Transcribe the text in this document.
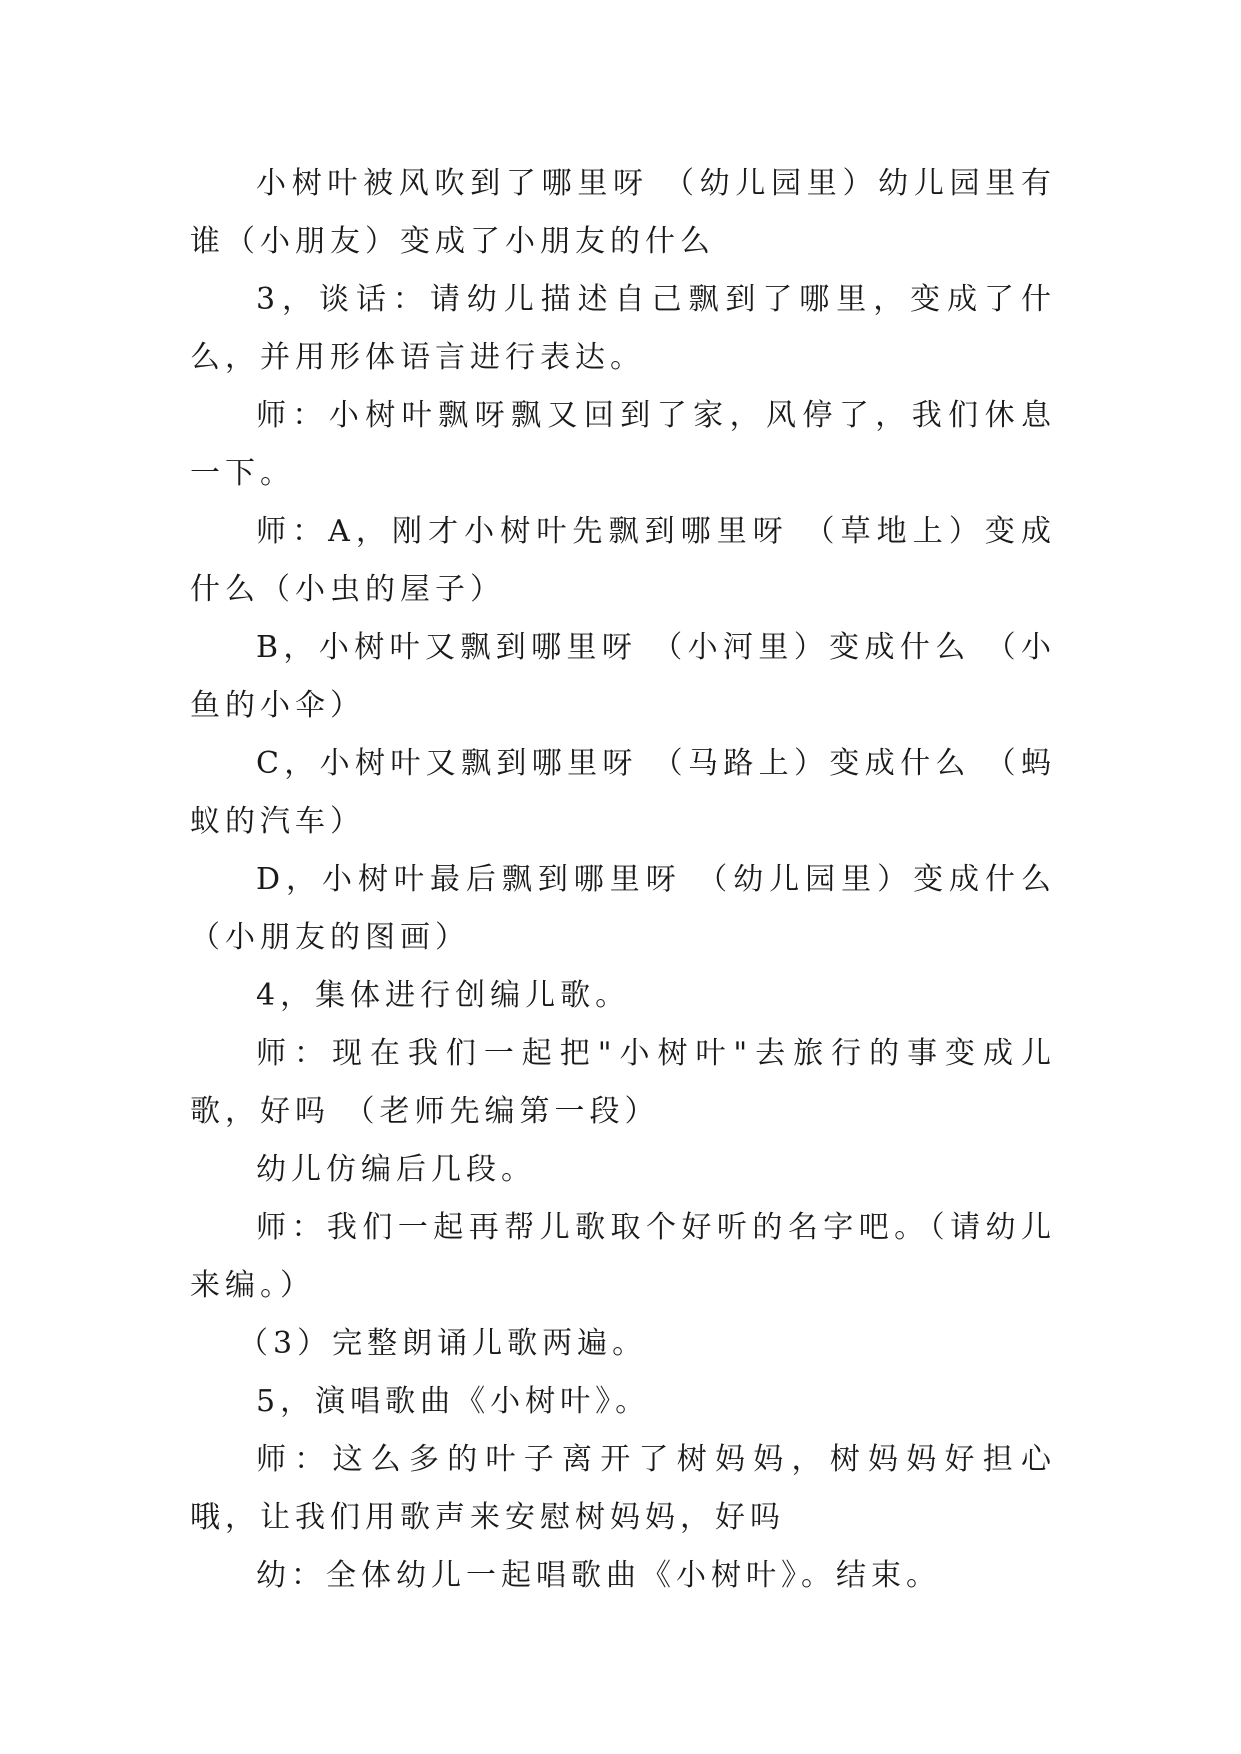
小树叶被风吹到了哪里呀 （幼儿园里）幼儿园里有谁（小朋友）变成了小朋友的什么

3，谈话：请幼儿描述自己飘到了哪里，变成了什么，并用形体语言进行表达。

师：小树叶飘呀飘又回到了家，风停了，我们休息一下。

师：A，刚才小树叶先飘到哪里呀 （草地上）变成什么（小虫的屋子）

B，小树叶又飘到哪里呀 （小河里）变成什么 （小鱼的小伞）

C，小树叶又飘到哪里呀 （马路上）变成什么 （蚂蚁的汽车）

D，小树叶最后飘到哪里呀 （幼儿园里）变成什么 （小朋友的图画）

4，集体进行创编儿歌。

师：现在我们一起把"小树叶"去旅行的事变成儿歌，好吗 （老师先编第一段）

幼儿仿编后几段。

师：我们一起再帮儿歌取个好听的名字吧。（请幼儿来编。）

（3）完整朗诵儿歌两遍。

5，演唱歌曲《小树叶》。

师：这么多的叶子离开了树妈妈，树妈妈好担心哦，让我们用歌声来安慰树妈妈，好吗

幼：全体幼儿一起唱歌曲《小树叶》。结束。
